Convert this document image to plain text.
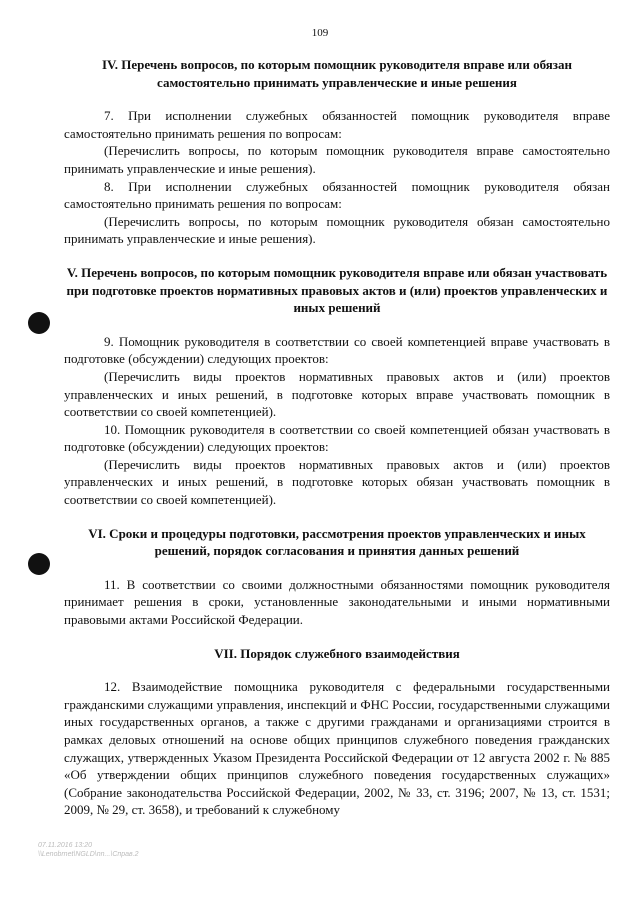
109
IV. Перечень вопросов, по которым помощник руководителя вправе или обязан самостоятельно принимать управленческие и иные решения

7. При исполнении служебных обязанностей помощник руководителя вправе самостоятельно принимать решения по вопросам:

(Перечислить вопросы, по которым помощник руководителя вправе самостоятельно принимать управленческие и иные решения).

8. При исполнении служебных обязанностей помощник руководителя обязан самостоятельно принимать решения по вопросам:

(Перечислить вопросы, по которым помощник руководителя обязан самостоятельно принимать управленческие и иные решения).

V. Перечень вопросов, по которым помощник руководителя вправе или обязан участвовать при подготовке проектов нормативных правовых актов и (или) проектов управленческих и иных решений

9. Помощник руководителя в соответствии со своей компетенцией вправе участвовать в подготовке (обсуждении) следующих проектов:

(Перечислить виды проектов нормативных правовых актов и (или) проектов управленческих и иных решений, в подготовке которых вправе участвовать помощник в соответствии со своей компетенцией).

10. Помощник руководителя в соответствии со своей компетенцией обязан участвовать в подготовке (обсуждении) следующих проектов:

(Перечислить виды проектов нормативных правовых актов и (или) проектов управленческих и иных решений, в подготовке которых обязан участвовать помощник в соответствии со своей компетенцией).

VI. Сроки и процедуры подготовки, рассмотрения проектов управленческих и иных решений, порядок согласования и принятия данных решений

11. В соответствии со своими должностными обязанностями помощник руководителя принимает решения в сроки, установленные законодательными и иными нормативными правовыми актами Российской Федерации.

VII. Порядок служебного взаимодействия

12. Взаимодействие помощника руководителя с федеральными государственными гражданскими служащими управления, инспекций и ФНС России, государственными служащими иных государственных органов, а также с другими гражданами и организациями строится в рамках деловых отношений на основе общих принципов служебного поведения гражданских служащих, утвержденных Указом Президента Российской Федерации от 12 августа 2002 г. № 885 «Об утверждении общих принципов служебного поведения государственных служащих» (Собрание законодательства Российской Федерации, 2002, № 33, ст. 3196; 2007, № 13, ст. 1531; 2009, № 29, ст. 3658), и требований к служебному

07.11.2016 13:20
\\Lenobrnet\NGLD\nn...\Справ.2
